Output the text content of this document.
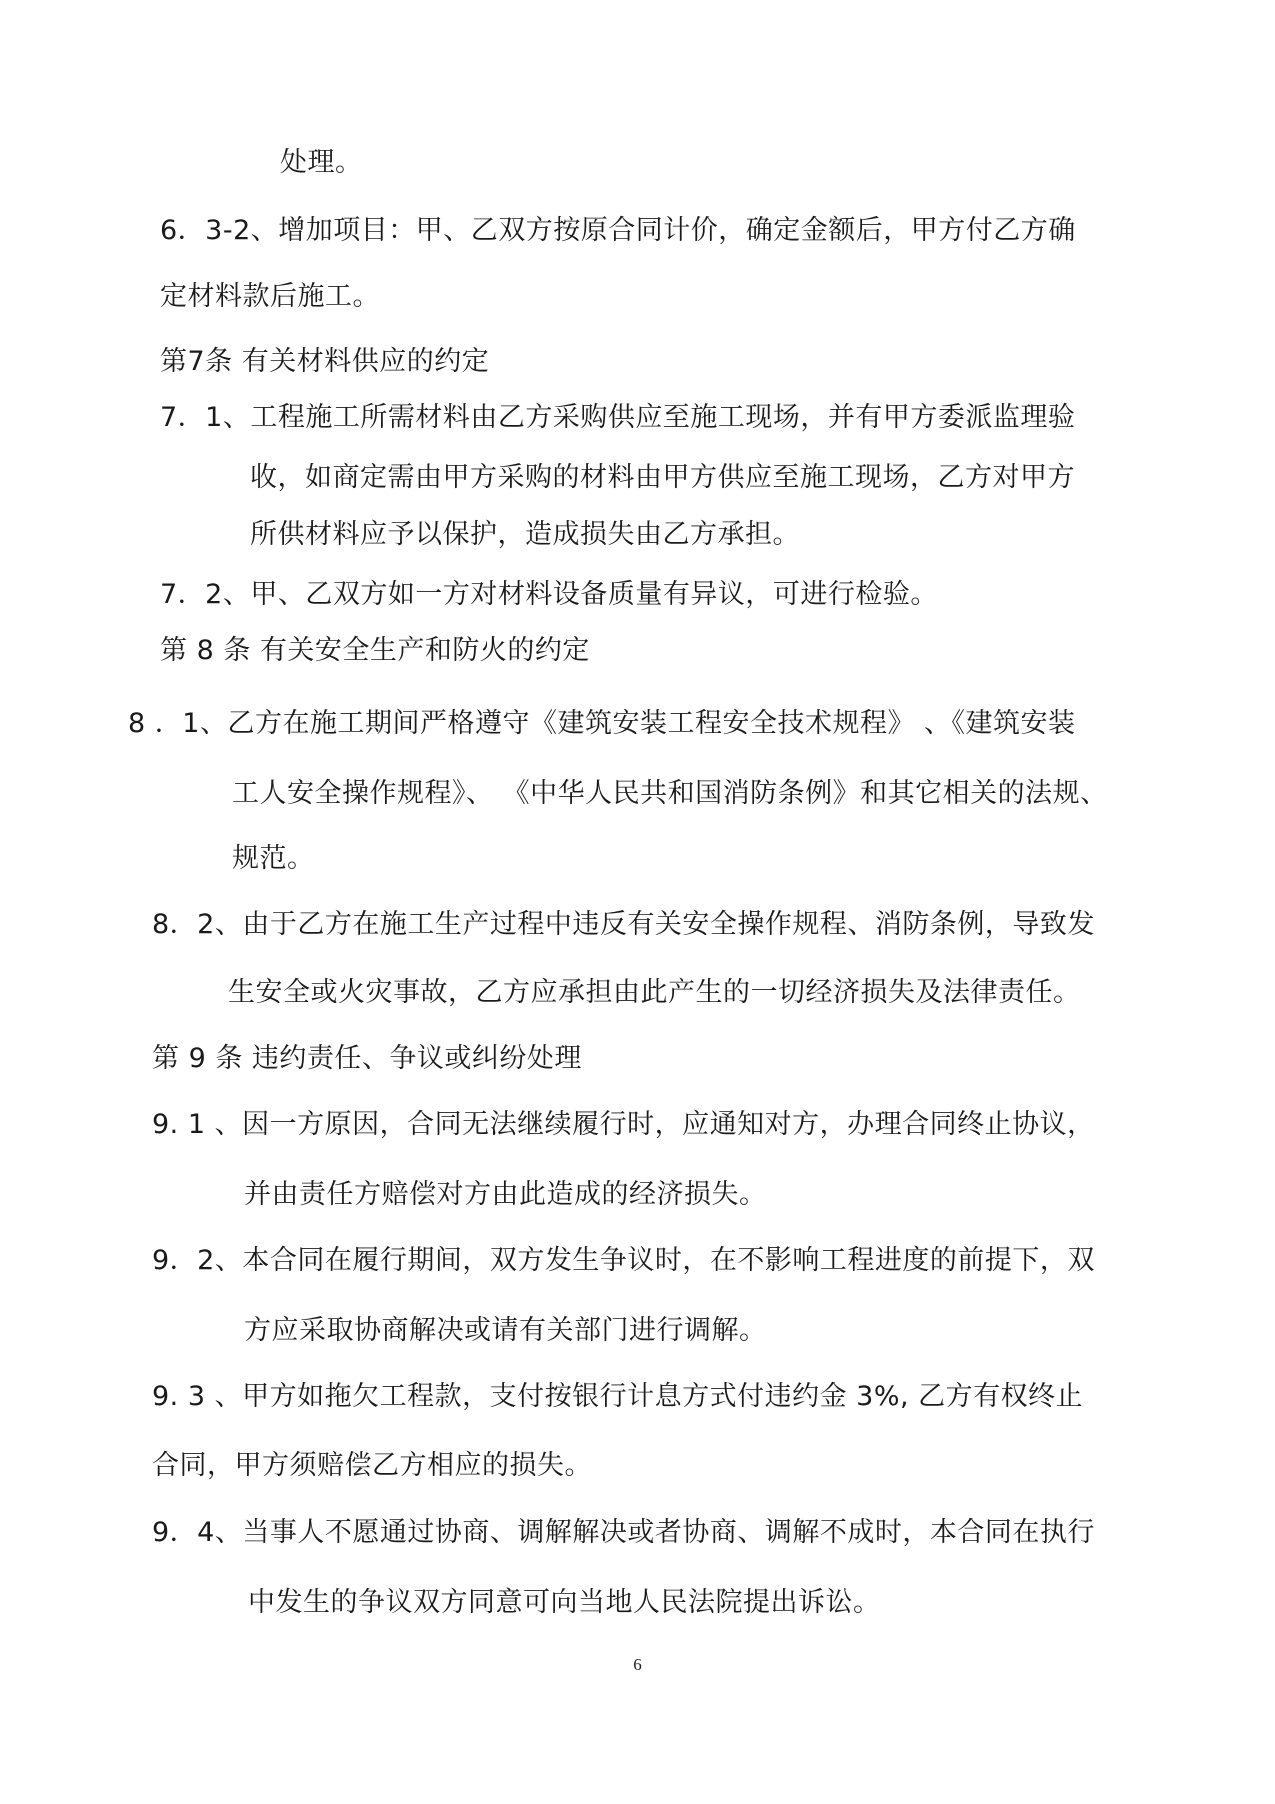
处理。
6．3-2、增加项目：甲、乙双方按原合同计价，确定金额后，甲方付乙方确
定材料款后施工。
第7条 有关材料供应的约定
7．1、工程施工所需材料由乙方采购供应至施工现场，并有甲方委派监理验
收，如商定需由甲方采购的材料由甲方供应至施工现场，乙方对甲方
所供材料应予以保护，造成损失由乙方承担。
7．2、甲、乙双方如一方对材料设备质量有异议，可进行检验。
第 8 条 有关安全生产和防火的约定
8 ．1、乙方在施工期间严格遵守《建筑安装工程安全技术规程》 、《建筑安装
工人安全操作规程》、 《中华人民共和国消防条例》和其它相关的法规、
规范。
8．2、由于乙方在施工生产过程中违反有关安全操作规程、消防条例，导致发
生安全或火灾事故，乙方应承担由此产生的一切经济损失及法律责任。
第 9 条 违约责任、争议或纠纷处理
9. 1 、因一方原因，合同无法继续履行时，应通知对方，办理合同终止协议，
并由责任方赔偿对方由此造成的经济损失。
9．2、本合同在履行期间，双方发生争议时，在不影响工程进度的前提下，双
方应采取协商解决或请有关部门进行调解。
9. 3 、甲方如拖欠工程款，支付按银行计息方式付违约金 3%, 乙方有权终止
合同，甲方须赔偿乙方相应的损失。
9．4、当事人不愿通过协商、调解解决或者协商、调解不成时，本合同在执行
中发生的争议双方同意可向当地人民法院提出诉讼。
6
